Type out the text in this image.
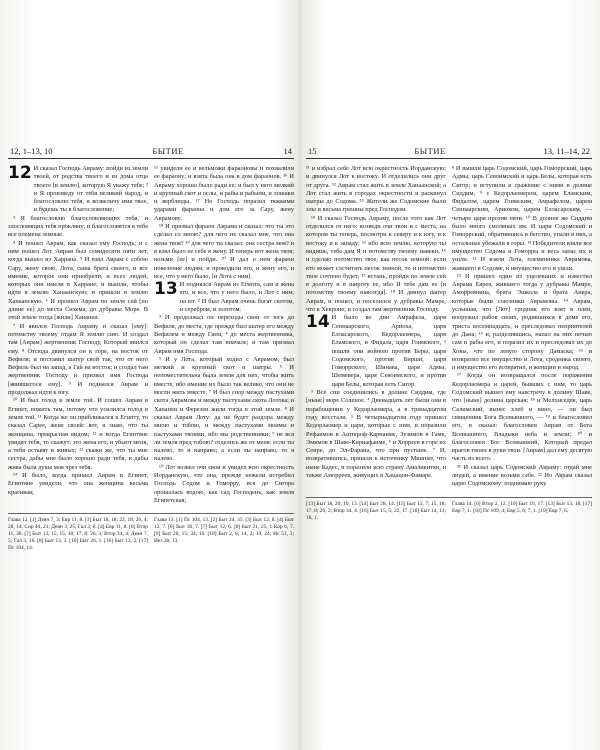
12, 1–13, 10	БЫТИЕ	14
12 И сказал Господь Авраму: пойди из земли твоей, от родства твоего и из дома отца твоего [в землю], которую Я укажу тебе; ² и Я произведу от тебя великий народ, и благословлю тебя, и возвеличу имя твое, и будешь ты в благословение;

³ Я благословлю благословляющих тебя, и злословящих тебя прокляну; и благословятся в тебе все племена земные.

⁴ И пошел Аврам, как сказал ему Господь; и с ним пошел Лот. Аврам был семидесяти пяти лет, когда вышел из Харрана. ⁵ И взял Аврам с собою Сару, жену свою, Лота, сына брата своего, и все имение, которое они приобрели, и всех людей, которых они имели в Харране; и вышли, чтобы идти в землю Ханаанскую; и пришли в землю Ханаанскую. ⁶ И прошел Аврам по земле сей [по длине ее] до места Сихема, до дубравы Море. В этой земле тогда [жили] Хананеи.

⁷ И явился Господь Авраму и сказал [ему]: потомству твоему отдам Я землю сию. И создал там [Аврам] жертвенник Господу, Который явился ему. ⁸ Отсюда двинулся он к горе, на восток от Вефиля; и поставил шатер свой так, что от него Вефиль был на запад, а Гай на восток; и создал там жертвенник Господу и призвал имя Господа [явившегося ему]. ⁹ И поднялся Аврам и продолжал идти к югу.

¹⁰ И был голод в земле той. И сошел Аврам в Египет, пожить там, потому что усилился голод в земле той. ¹¹ Когда же он приближался к Египту, то сказал Сарее, жене своей: вот, я знаю, что ты женщина, прекрасная видом; ¹² и когда Египтяне увидят тебя, то скажут: это жена его; и убьют меня, а тебя оставят в живых; ¹³ скажи же, что ты мне сестра, дабы мне было хорошо ради тебя, и дабы жива была душа моя чрез тебя.

¹⁴ И было, когда пришел Аврам в Египет, Египтяне увидели, что она женщина весьма красивая;

¹⁵ увидели ее и вельможи фараоновы и похвалили ее фараону; и взята была она в дом фараонов. ¹⁶ И Авраму хорошо было ради ее; и был у него мелкий и крупный скот и ослы, и рабы и рабыни, и лошаки и верблюды. ¹⁷ Но Господь поразил тяжкими ударами фараона и дом его за Сару, жену Аврамову.

¹⁸ И призвал фараон Аврама и сказал: что ты это сделал со мною? для чего не сказал мне, что она жена твоя? ¹⁹ для чего ты сказал: она сестра моя? и я взял было ее себе в жену. И теперь вот жена твоя; возьми [ее] и пойди. ²⁰ И дал о нем фараон повеление людям, и проводили его, и жену его, и все, что у него было, [и Лота с ним].

13 И поднялся Аврам из Египта, сам и жена его, и все, что у него было, и Лот с ним, на юг. ² И был Аврам очень богат скотом, и серебром, и золотом.

³ И продолжал он переходы свои от юга до Вефиля, до места, где прежде был шатер его между Вефилем и между Гаем, ⁴ до места жертвенника, который он сделал там вначале; и там призвал Аврам имя Господа.

⁵ И у Лота, который ходил с Аврамом, был мелкий и крупный скот и шатры. ⁶ И непоместительна была земля для них, чтобы жить вместе, ибо имение их было так велико, что они не могли жить вместе. ⁷ И был спор между пастухами скота Аврамова и между пастухами скота Лотова; и Хананеи и Ферезеи жили тогда в этой земле. ⁸ И сказал Аврам Лоту: да не будет раздора между мною и тобою, и между пастухами моими и пастухами твоими, ибо мы родственники; ⁹ не вся ли земля пред тобою? отделись же от меня: если ты налево, то я направо; а если ты направо, то я налево.

¹⁰ Лот возвел очи свои и увидел всю окрестность Иорданскую, что она, прежде нежели истребил Господь Содом и Гоморру, вся до Сигора орошалась водою, как сад Господень, как земля Египетская;

Глава 12. [1] Деян 7, 3; Евр 11, 8. [3] Быт 18, 18; 22, 18; 26, 4; 28, 14; Сир 44, 21; Деян 3, 25; Гал 3, 8. [4] Евр 11, 8. [6] Втор 11, 30. [7] Быт 13, 15; 15, 18; 17, 8; 26, 3; Втор 34, 4; Деян 7, 5; Гал 3, 16. [8] Быт 13, 3. [10] Быт 26, 1. [16] Быт 13, 2. [17] Пс 104, 14.
Глава 13. [1] Пс 104, 13. [2] Быт 24, 35. [3] Быт 12, 8. [4] Быт 12, 7. [6] Быт 36, 7. [7] Быт 12, 6. [8] Быт 21, 25; 1 Кор 6, 7. [9] Быт 20, 15; 34, 10. [10] Быт 2, 8; 14, 2; 19, 24; Ис 51, 3; Иез 28, 13.
15	БЫТИЕ	13, 11–14, 22

¹¹ и избрал себе Лот всю окрестность Иорданскую; и двинулся Лот к востоку. И отделились они друг от друга. ¹² Аврам стал жить в земле Ханаанской; а Лот стал жить в городах окрестности и раскинул шатры до Содома. ¹³ Жители же Содомские были злы и весьма грешны пред Господом.

¹⁴ И сказал Господь Авраму, после того как Лот отделился от него: возведи очи твои и с места, на котором ты теперь, посмотри к северу и к югу, и к востоку и к западу; ¹⁵ ибо всю землю, которую ты видишь, тебе дам Я и потомству твоему навеки, ¹⁶ и сделаю потомство твое, как песок земной; если кто может сосчитать песок земной, то и потомство твое сочтено будет; ¹⁷ встань, пройди по земле сей в долготу и в широту ее, ибо Я тебе дам ее [и потомству твоему навсегда]. ¹⁸ И двинул шатер Аврам, и пошел, и поселился у дубравы Мамре, что в Хевроне; и создал там жертвенник Господу.

14 И было во дни Амрафела, царя Сеннаарского, Ариоха, царя Елласарского, Кедорлаомера, царя Еламского, и Фидала, царя Гоимского, ² пошли они войною против Беры, царя Содомского, против Бирши, царя Гоморрского, Шинава, царя Адмы, Шемевера, царя Севоимского, и против царя Белы, которая есть Сигор.

³ Все сии соединились в долине Сиддим, где [ныне] море Соленое. ⁴ Двенадцать лет были они в порабощении у Кедорлаомера, а в тринадцатом году восстали. ⁵ В четырнадцатом году пришел Кедорлаомер и цари, которые с ним, и поразили Рефаимов в Аштероф-Карнаиме, Зузимов в Гаме, Эмимов в Шаве-Кириафаиме, ⁶ и Хорреев в горе их Сеире, до Эл-Фарана, что при пустыне. ⁷ И, возвратившись, пришли к источнику Мишпат, что ныне Кадес, и поразили всю страну Амаликитян, и также Аморреев, живущих в Хацацон-Фамаре.

⁸ И вышли царь Содомский, царь Гоморрский, царь Адмы, царь Севоимский и царь Белы, которая есть Сигор; и вступили в сражение с ними в долине Сиддим, ⁹ с Кедорлаомером, царем Еламским, Фидалом, царем Гоимским, Амрафелом, царем Сеннаарским, Ариохом, царем Елласарским, — четыре царя против пяти. ¹⁰ В долине же Сиддим было много смоляных ям. И цари Содомский и Гоморрский, обратившись в бегство, упали в них, а остальные убежали в горы. ¹¹ Победители взяли все имущество Содома и Гоморры и весь запас их и ушли. ¹² И взяли Лота, племянника Аврамова, жившего в Содоме, и имущество его и ушли.

¹³ И пришел один из уцелевших и известил Аврама Еврея, жившего тогда у дубравы Мамре, Аморреянина, брата Эшкола и брата Анера, которые были союзники Аврамовы. ¹⁴ Аврам, услышав, что [Лот] сродник его взят в плен, вооружил рабов своих, родившихся в доме его, триста восемнадцать, и преследовал неприятелей до Дана; ¹⁵ и, разделившись, напал на них ночью сам и рабы его, и поразил их и преследовал их до Ховы, что по левую сторону Дамаска; ¹⁶ и возвратил все имущество и Лота, сродника своего, и имущество его возвратил, и женщин и народ.

¹⁷ Когда он возвращался после поражения Кедорлаомера и царей, бывших с ним, то царь Содомский вышел ему навстречу в долину Шаве, что [ныне] долина царская; ¹⁸ и Мелхиседек, царь Салимский, вынес хлеб и вино, — он был священник Бога Всевышнего, — ¹⁹ и благословил его, и сказал: благословен Аврам от Бога Всевышнего, Владыки неба и земли; ²⁰ и благословен Бог Всевышний, Который предал врагов твоих в руки твои. [Аврам] дал ему десятую часть из всего.

²¹ И сказал царь Содомский Авраму: отдай мне людей, а имение возьми себе. ²² Но Аврам сказал царю Содомскому: поднимаю руку

[13] Быт 18, 20; 19, 13. [14] Быт 28, 14. [15] Быт 12, 7; 15, 18; 17, 8; 26, 3; Втор 34, 4. [16] Быт 15, 5; 22, 17. [18] Быт 14, 13; 18, 1.
Глава 14. [6] Втор 2, 12. [10] Быт 19, 17. [13] Быт 13, 18. [17] Евр 7, 1. [18] Пс 109, 4; Евр 5, 6; 7, 1. [19] Евр 7, 6.
